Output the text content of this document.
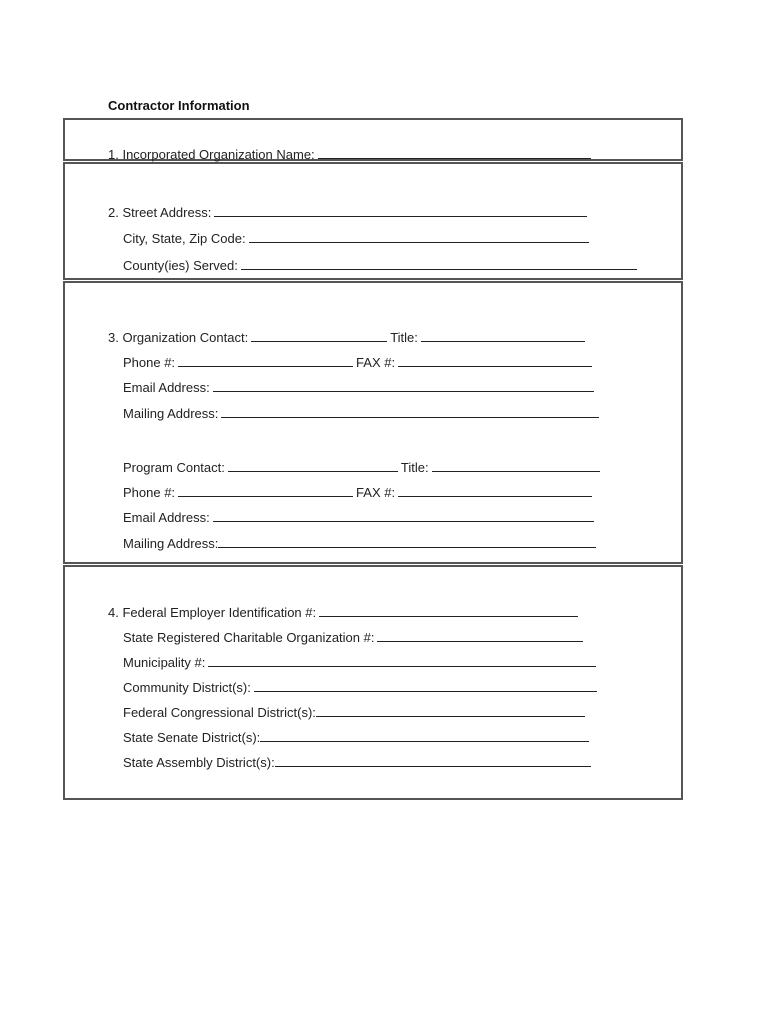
Contractor Information
1. Incorporated Organization Name:
2. Street Address:
City, State, Zip Code:
County(ies) Served:
3. Organization Contact:	Title:
Phone #:	FAX #:
Email Address:
Mailing Address:
Program Contact:	Title:
Phone #:	FAX #:
Email Address:
Mailing Address:
4. Federal Employer Identification #:
State Registered Charitable Organization #:
Municipality #:
Community District(s):
Federal Congressional District(s):
State Senate District(s):
State Assembly District(s):
